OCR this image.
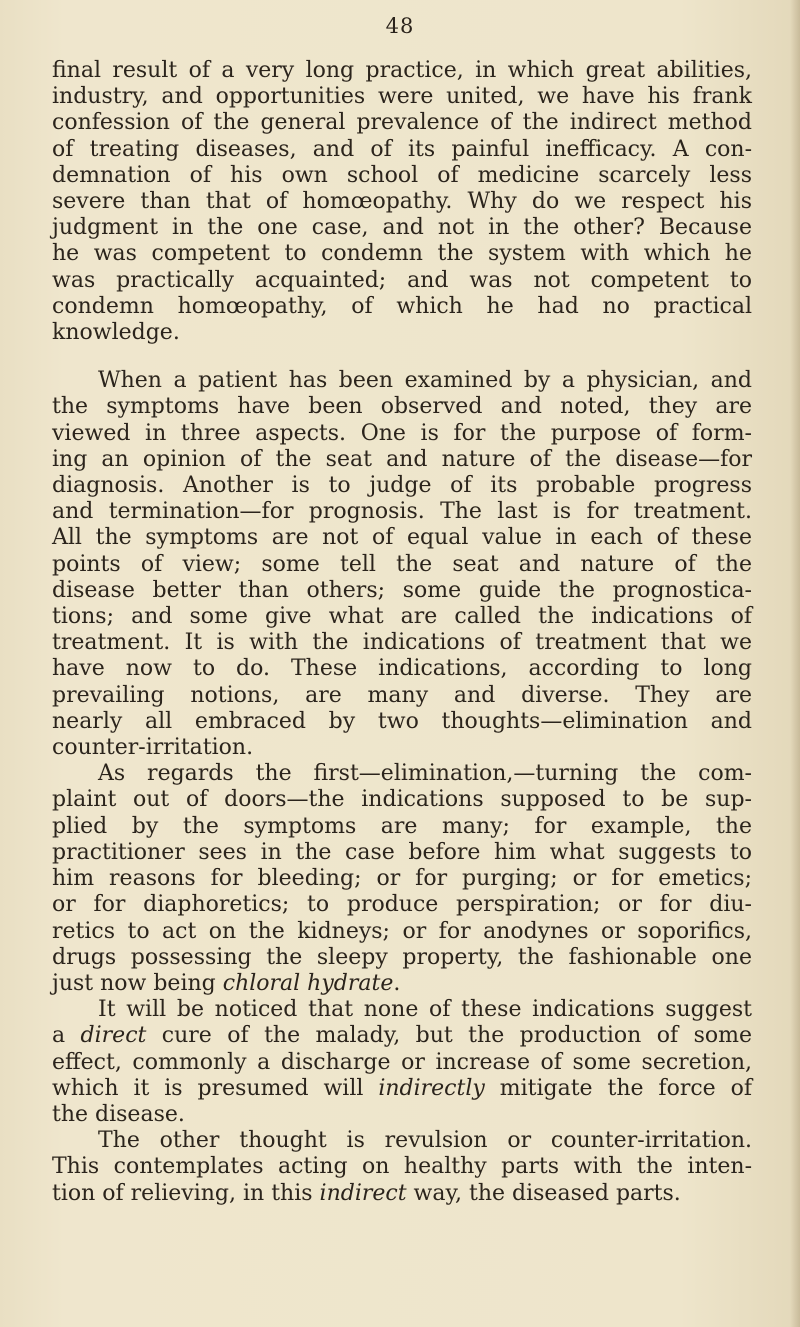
48
final result of a very long practice, in which great abilities,
industry, and opportunities were united, we have his frank
confession of the general prevalence of the indirect method
of treating diseases, and of its painful inefficacy. A con-
demnation of his own school of medicine scarcely less
severe than that of homœopathy. Why do we respect his
judgment in the one case, and not in the other? Because
he was competent to condemn the system with which he
was practically acquainted; and was not competent to
condemn homœopathy, of which he had no practical
knowledge.
When a patient has been examined by a physician, and
the symptoms have been observed and noted, they are
viewed in three aspects. One is for the purpose of form-
ing an opinion of the seat and nature of the disease—for
diagnosis. Another is to judge of its probable progress
and termination—for prognosis. The last is for treatment.
All the symptoms are not of equal value in each of these
points of view; some tell the seat and nature of the
disease better than others; some guide the prognostica-
tions; and some give what are called the indications of
treatment. It is with the indications of treatment that we
have now to do. These indications, according to long
prevailing notions, are many and diverse. They are
nearly all embraced by two thoughts—elimination and
counter-irritation.
As regards the first—elimination,—turning the com-
plaint out of doors—the indications supposed to be sup-
plied by the symptoms are many; for example, the
practitioner sees in the case before him what suggests to
him reasons for bleeding; or for purging; or for emetics;
or for diaphoretics; to produce perspiration; or for diu-
retics to act on the kidneys; or for anodynes or soporifics,
drugs possessing the sleepy property, the fashionable one
just now being chloral hydrate.
It will be noticed that none of these indications suggest
a direct cure of the malady, but the production of some
effect, commonly a discharge or increase of some secretion,
which it is presumed will indirectly mitigate the force of
the disease.
The other thought is revulsion or counter-irritation.
This contemplates acting on healthy parts with the inten-
tion of relieving, in this indirect way, the diseased parts.
